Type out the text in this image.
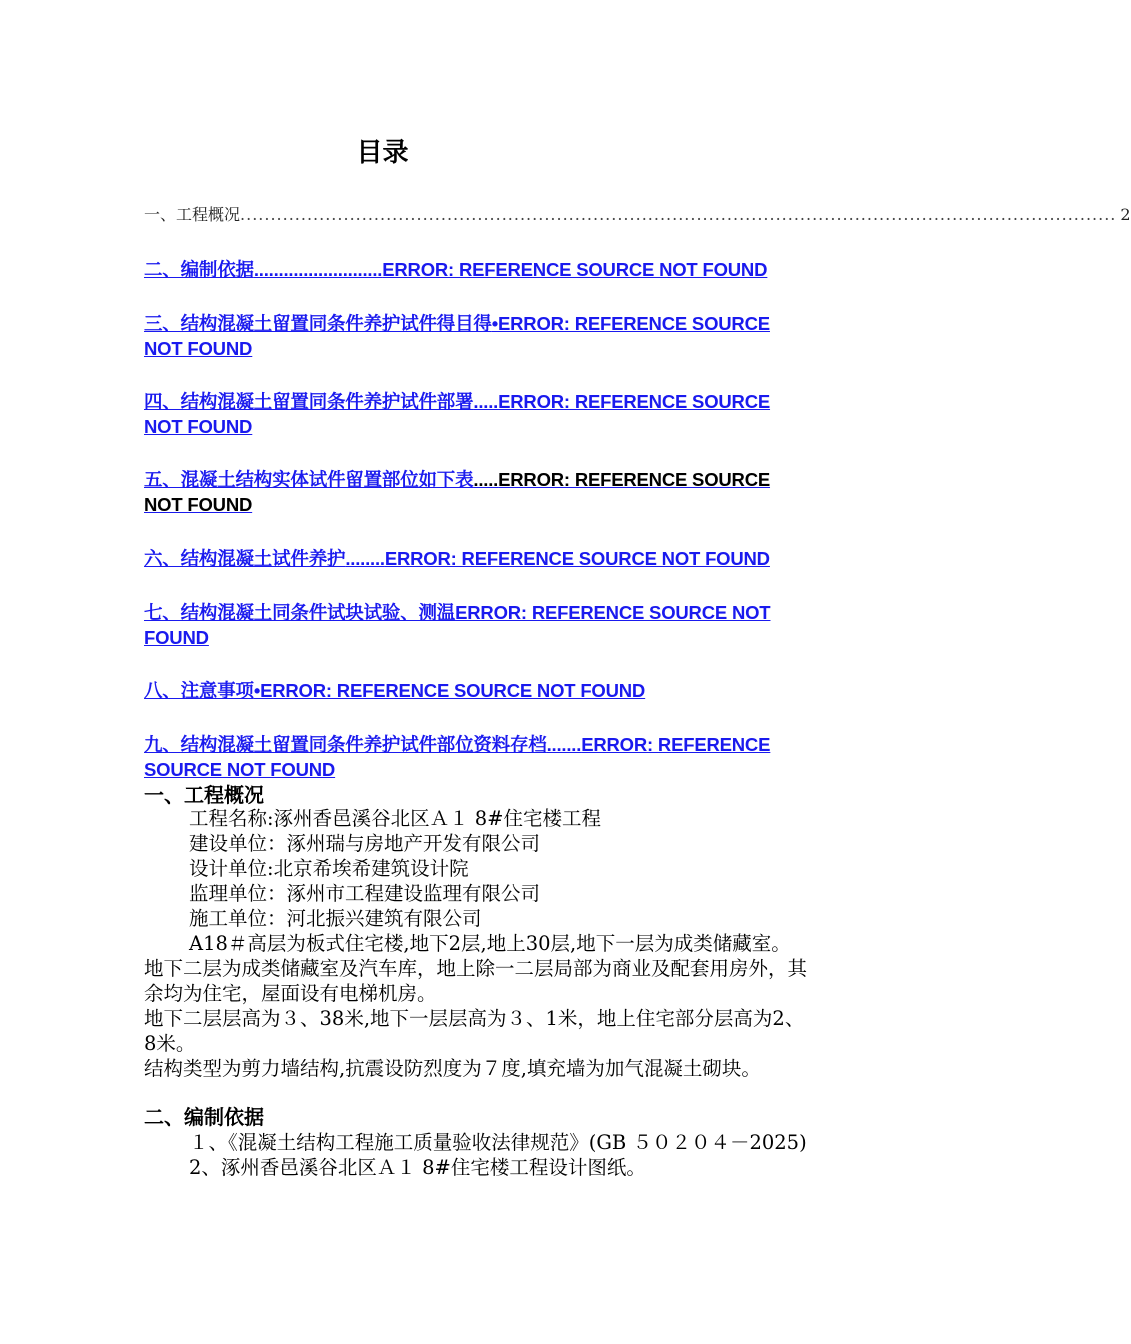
目录
一、工程概况 ................................................................................................................................................ 2
二、编制依据..........................ERROR: REFERENCE SOURCE NOT FOUND
三、结构混凝土留置同条件养护试件得目得•ERROR: REFERENCE SOURCE NOT FOUND
四、结构混凝土留置同条件养护试件部署.....ERROR: REFERENCE SOURCE NOT FOUND
五、混凝土结构实体试件留置部位如下表.....ERROR: REFERENCE SOURCE NOT FOUND
六、结构混凝土试件养护........ERROR: REFERENCE SOURCE NOT FOUND
七、结构混凝土同条件试块试验、测温ERROR: REFERENCE SOURCE NOT FOUND
八、注意事项•ERROR: REFERENCE SOURCE NOT FOUND
九、结构混凝土留置同条件养护试件部位资料存档.......ERROR: REFERENCE SOURCE NOT FOUND
一、工程概况
工程名称:涿州香邑溪谷北区Ａ１ 8#住宅楼工程
建设单位：涿州瑞与房地产开发有限公司
设计单位:北京希埃希建筑设计院
监理单位：涿州市工程建设监理有限公司
施工单位：河北振兴建筑有限公司
A18＃高层为板式住宅楼,地下2层,地上30层,地下一层为成类储藏室。地下二层为成类储藏室及汽车库，地上除一二层局部为商业及配套用房外，其余均为住宅，屋面设有电梯机房。
地下二层层高为３、38米,地下一层层高为３、1米，地上住宅部分层高为2、8米。
结构类型为剪力墙结构,抗震设防烈度为７度,填充墙为加气混凝土砌块。
二、编制依据
１、《混凝土结构工程施工质量验收法律规范》(GB ５０２０４－2025)
2、涿州香邑溪谷北区Ａ１ 8#住宅楼工程设计图纸。
